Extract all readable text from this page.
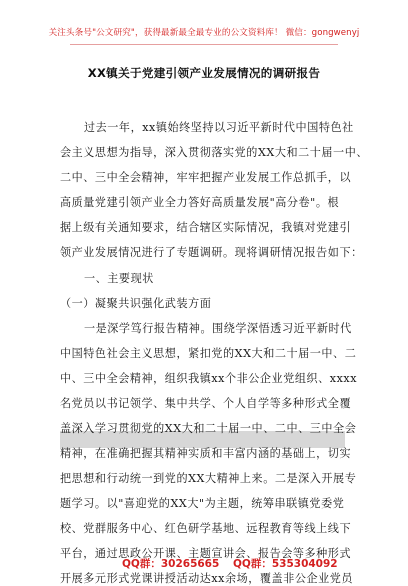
关注头条号"公文研究"，获得最新最全最专业的公文资料库！ 微信：gongwenyj
XX镇关于党建引领产业发展情况的调研报告
过去一年，xx镇始终坚持以习近平新时代中国特色社
会主义思想为指导，深入贯彻落实党的XX大和二十届一中、
二中、三中全会精神，牢牢把握产业发展工作总抓手，以
高质量党建引领产业全力答好高质量发展"高分卷"。根
据上级有关通知要求，结合辖区实际情况，我镇对党建引
领产业发展情况进行了专题调研。现将调研情况报告如下：
一、主要现状
（一）凝聚共识强化武装方面
一是深学笃行报告精神。围绕学深悟透习近平新时代
中国特色社会主义思想，紧扣党的XX大和二十届一中、二
中、三中全会精神，组织我镇xx个非公企业党组织、xxxx
名党员以书记领学、集中共学、个人自学等多种形式全覆
盖深入学习贯彻党的XX大和二十届一中、二中、三中全会
精神，在准确把握其精神实质和丰富内涵的基础上，切实
把思想和行动统一到党的XX大精神上来。二是深入开展专
题学习。以"喜迎党的XX大"为主题，统筹串联镇党委党
校、党群服务中心、红色研学基地、远程教育等线上线下
平台，通过思政公开课、主题宣讲会、报告会等多种形式
开展多元形式党课讲授活动达xx余场，覆盖非公企业党员
QQ群：30265665 QQ群：535304092
